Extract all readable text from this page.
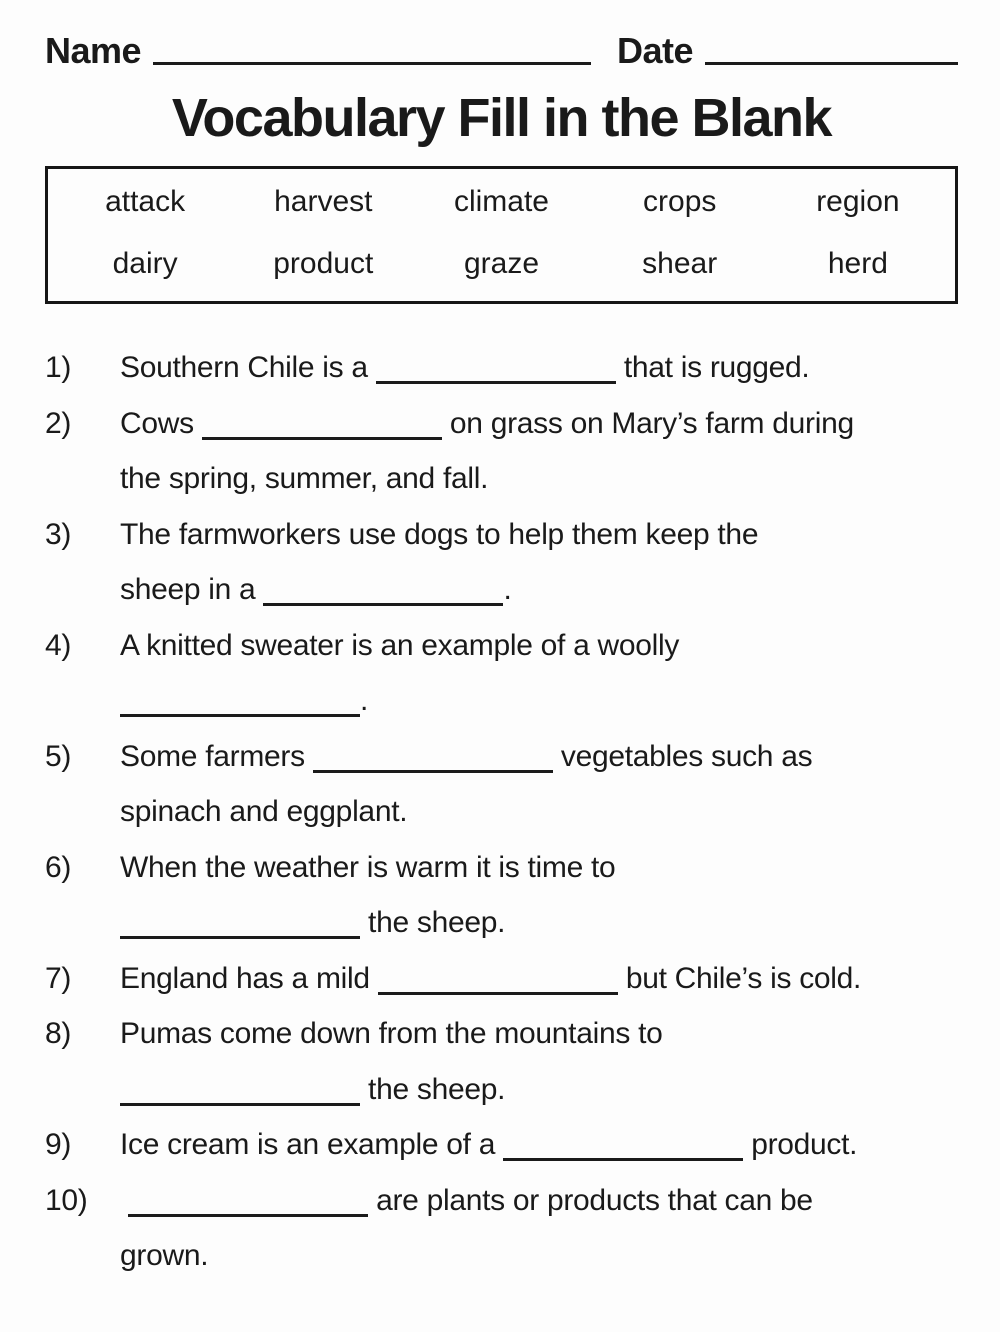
Name	Date
Vocabulary Fill in the Blank
attack	harvest	climate	crops	region
dairy	product	graze	shear	herd
1)	Southern Chile is a	that is rugged.
2)	Cows	on grass on Mary’s farm during
the spring, summer, and fall.
3)	The farmworkers use dogs to help them keep the
sheep in a	.
4)	A knitted sweater is an example of a woolly
.
5)	Some farmers	vegetables such as
spinach and eggplant.
6)	When the weather is warm it is time to
the sheep.
7)	England has a mild	but Chile’s is cold.
8)	Pumas come down from the mountains to
the sheep.
9)	Ice cream is an example of a	product.
10)	are plants or products that can be
grown.
